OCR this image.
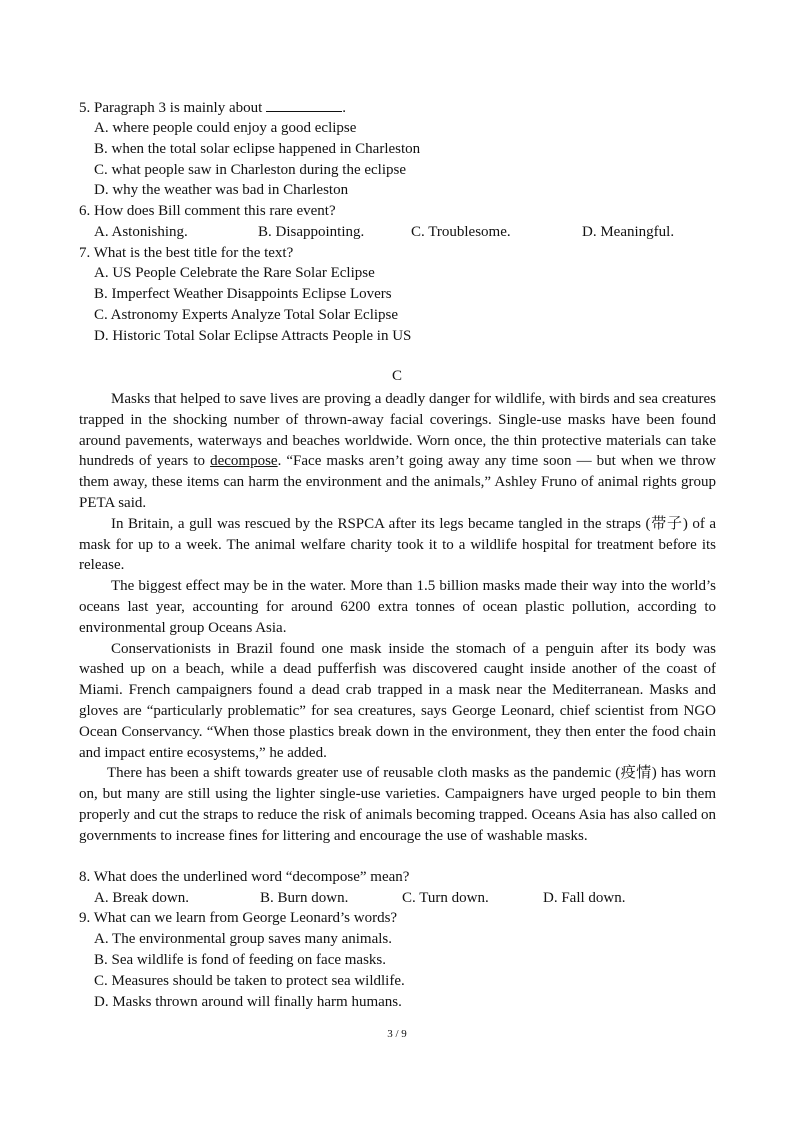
5. Paragraph 3 is mainly about	.
A. where people could enjoy a good eclipse
B. when the total solar eclipse happened in Charleston
C. what people saw in Charleston during the eclipse
D. why the weather was bad in Charleston
6. How does Bill comment this rare event?
A. Astonishing.	B. Disappointing.	C. Troublesome.	D. Meaningful.
7. What is the best title for the text?
A. US People Celebrate the Rare Solar Eclipse
B. Imperfect Weather Disappoints Eclipse Lovers
C. Astronomy Experts Analyze Total Solar Eclipse
D. Historic Total Solar Eclipse Attracts People in US
C

Masks that helped to save lives are proving a deadly danger for wildlife, with birds and sea creatures trapped in the shocking number of thrown-away facial coverings. Single-use masks have been found around pavements, waterways and beaches worldwide. Worn once, the thin protective materials can take hundreds of years to decompose. “Face masks aren’t going away any time soon — but when we throw them away, these items can harm the environment and the animals,” Ashley Fruno of animal rights group PETA said.

In Britain, a gull was rescued by the RSPCA after its legs became tangled in the straps (带子) of a mask for up to a week. The animal welfare charity took it to a wildlife hospital for treatment before its release.

The biggest effect may be in the water. More than 1.5 billion masks made their way into the world’s oceans last year, accounting for around 6200 extra tonnes of ocean plastic pollution, according to environmental group Oceans Asia.

Conservationists in Brazil found one mask inside the stomach of a penguin after its body was washed up on a beach, while a dead pufferfish was discovered caught inside another of the coast of Miami. French campaigners found a dead crab trapped in a mask near the Mediterranean. Masks and gloves are “particularly problematic” for sea creatures, says George Leonard, chief scientist from NGO Ocean Conservancy. “When those plastics break down in the environment, they then enter the food chain and impact entire ecosystems,” he added.

There has been a shift towards greater use of reusable cloth masks as the pandemic (疫情) has worn on, but many are still using the lighter single-use varieties. Campaigners have urged people to bin them properly and cut the straps to reduce the risk of animals becoming trapped. Oceans Asia has also called on governments to increase fines for littering and encourage the use of washable masks.

8. What does the underlined word “decompose” mean?
A. Break down.	B. Burn down.	C. Turn down.	D. Fall down.
9. What can we learn from George Leonard’s words?
A. The environmental group saves many animals.
B. Sea wildlife is fond of feeding on face masks.
C. Measures should be taken to protect sea wildlife.
D. Masks thrown around will finally harm humans.
3 / 9
